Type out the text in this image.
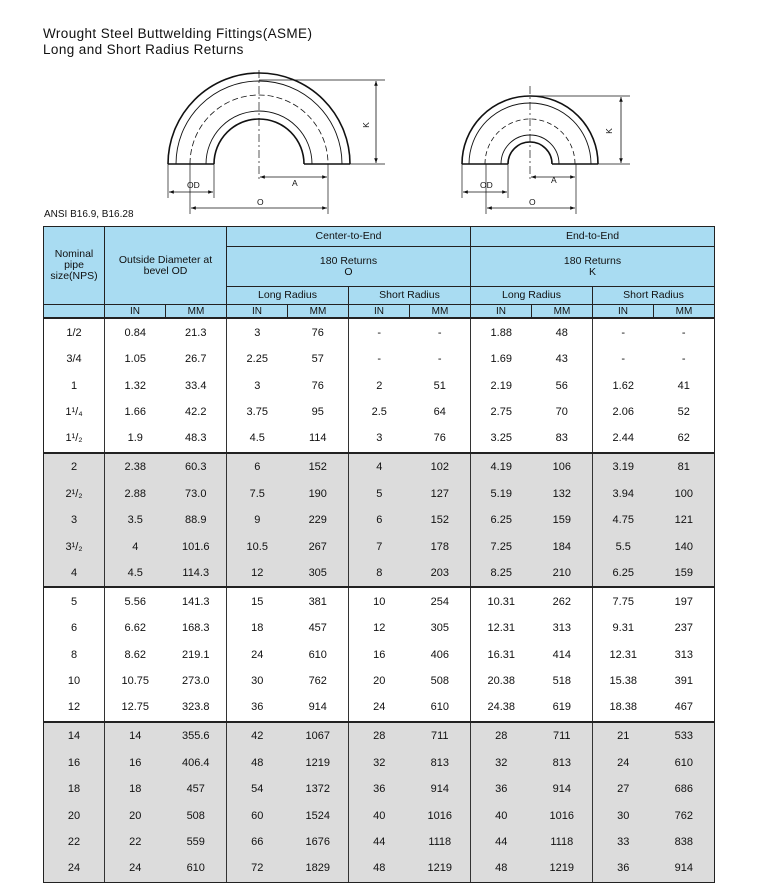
Wrought Steel Buttwelding Fittings(ASME)
Long and Short Radius Returns
K
OD	A
O
K
OD	A
O
ANSI B16.9, B16.28
Nominal pipe size(NPS)	Outside Diameter at bevel OD		Center-to-End				End-to-End			
			180 Returns
O				180 Returns
K			
			Long Radius		Short Radius		Long Radius		Short Radius	
	IN	MM	IN	MM	IN	MM	IN	MM	IN	MM
1/2	0.84	21.3	3	76	-	-	1.88	48	-	-
3/4	1.05	26.7	2.25	57	-	-	1.69	43	-	-
1	1.32	33.4	3	76	2	51	2.19	56	1.62	41
1¹/₄	1.66	42.2	3.75	95	2.5	64	2.75	70	2.06	52
1¹/₂	1.9	48.3	4.5	114	3	76	3.25	83	2.44	62
2	2.38	60.3	6	152	4	102	4.19	106	3.19	81
2¹/₂	2.88	73.0	7.5	190	5	127	5.19	132	3.94	100
3	3.5	88.9	9	229	6	152	6.25	159	4.75	121
3¹/₂	4	101.6	10.5	267	7	178	7.25	184	5.5	140
4	4.5	114.3	12	305	8	203	8.25	210	6.25	159
5	5.56	141.3	15	381	10	254	10.31	262	7.75	197
6	6.62	168.3	18	457	12	305	12.31	313	9.31	237
8	8.62	219.1	24	610	16	406	16.31	414	12.31	313
10	10.75	273.0	30	762	20	508	20.38	518	15.38	391
12	12.75	323.8	36	914	24	610	24.38	619	18.38	467
14	14	355.6	42	1067	28	711	28	711	21	533
16	16	406.4	48	1219	32	813	32	813	24	610
18	18	457	54	1372	36	914	36	914	27	686
20	20	508	60	1524	40	1016	40	1016	30	762
22	22	559	66	1676	44	1118	44	1118	33	838
24	24	610	72	1829	48	1219	48	1219	36	914
